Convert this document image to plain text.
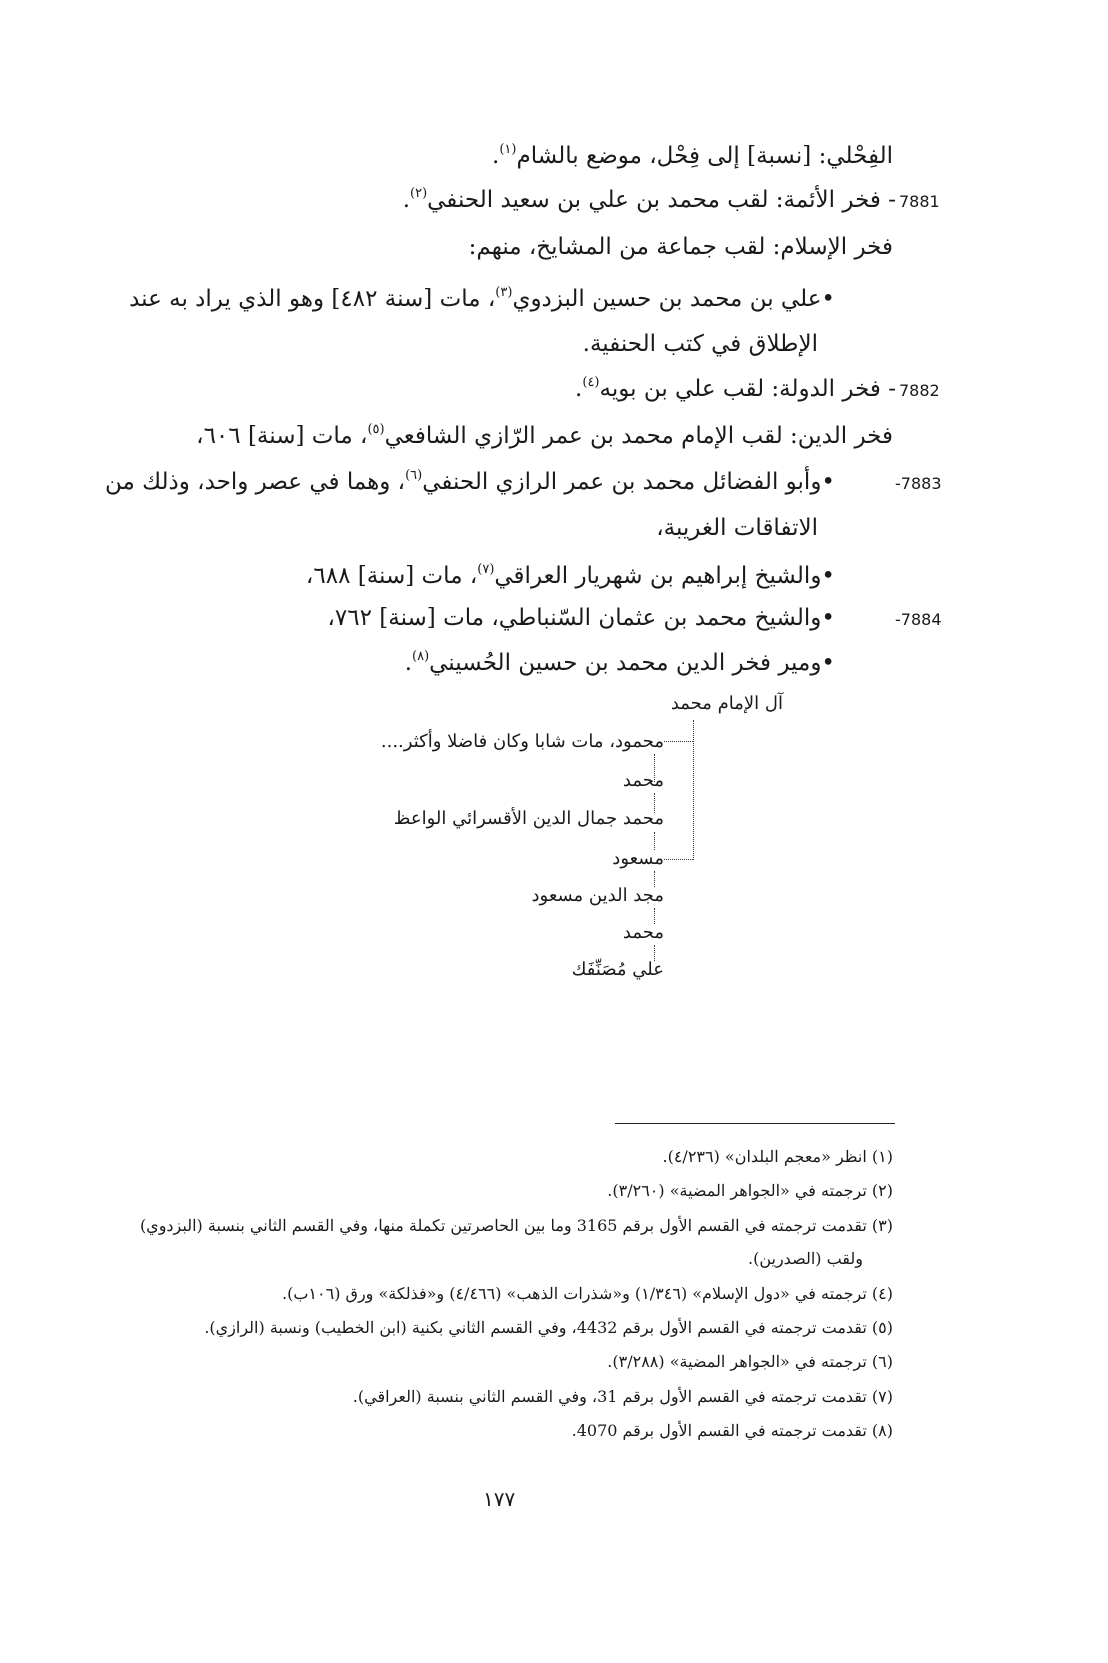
الفِحْلي: [نسبة] إلى فِحْل، موضع بالشام$^{(١)}$.
7881
- فخر الأئمة: لقب محمد بن علي بن سعيد الحنفي$^{(٢)}$.
فخر الإسلام: لقب جماعة من المشايخ، منهم:
•علي بن محمد بن حسين البزدوي$^{(٣)}$، مات [سنة ٤٨٢] وهو الذي يراد به عند
الإطلاق في كتب الحنفية.
7882
- فخر الدولة: لقب علي بن بويه$^{(٤)}$.
فخر الدين: لقب الإمام محمد بن عمر الرّازي الشافعي$^{(٥)}$، مات [سنة] ٦٠٦،
-7883
•وأبو الفضائل محمد بن عمر الرازي الحنفي$^{(٦)}$، وهما في عصر واحد، وذلك من
الاتفاقات الغريبة،
•والشيخ إبراهيم بن شهريار العراقي$^{(٧)}$، مات [سنة] ٦٨٨،
-7884
•والشيخ محمد بن عثمان السّنباطي، مات [سنة] ٧٦٢،
•ومير فخر الدين محمد بن حسين الحُسيني$^{(٨)}$.
آل الإمام محمد
محمود، مات شابا وكان فاضلا وأكثر....
محمد
محمد جمال الدين الأقسرائي الواعظ
مسعود
مجد الدين مسعود
محمد
علي مُصَنِّفَك
(١) انظر «معجم البلدان» (٤/٢٣٦).
(٢) ترجمته في «الجواهر المضية» (٣/٢٦٠).
(٣) تقدمت ترجمته في القسم الأول برقم 3165 وما بين الحاصرتين تكملة منها، وفي القسم الثاني بنسبة (البزدوي)
ولقب (الصدرين).
(٤) ترجمته في «دول الإسلام» (١/٣٤٦) و«شذرات الذهب» (٤/٤٦٦) و«فذلكة» ورق (١٠٦ب).
(٥) تقدمت ترجمته في القسم الأول برقم 4432، وفي القسم الثاني بكنية (ابن الخطيب) ونسبة (الرازي).
(٦) ترجمته في «الجواهر المضية» (٣/٢٨٨).
(٧) تقدمت ترجمته في القسم الأول برقم 31، وفي القسم الثاني بنسبة (العراقي).
(٨) تقدمت ترجمته في القسم الأول برقم 4070.
١٧٧
